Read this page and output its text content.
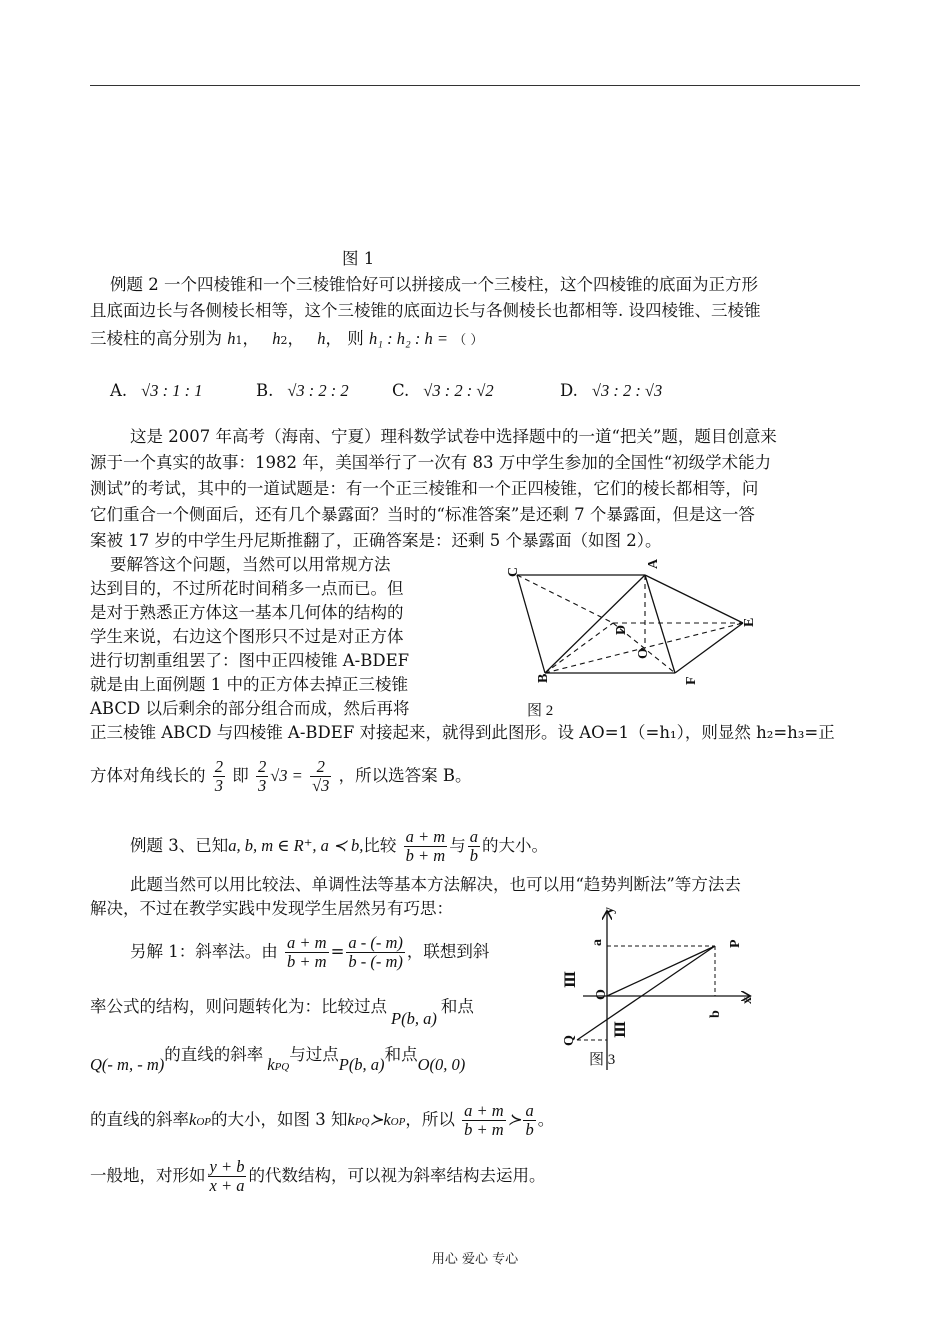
图 1
例题 2 一个四棱锥和一个三棱锥恰好可以拼接成一个三棱柱，这个四棱锥的底面为正方形
且底面边长与各侧棱长相等，这个三棱锥的底面边长与各侧棱长也都相等. 设四棱锥、三棱锥
三棱柱的高分别为 h1， h2， h， 则 h₁ : h₂ : h = （ ）
A. √3 : 1 : 1	B. √3 : 2 : 2	C. √3 : 2 : √2	D. √3 : 2 : √3
这是 2007 年高考（海南、宁夏）理科数学试卷中选择题中的一道“把关”题，题目创意来
源于一个真实的故事：1982 年，美国举行了一次有 83 万中学生参加的全国性“初级学术能力
测试”的考试，其中的一道试题是：有一个正三棱锥和一个正四棱锥，它们的棱长都相等，问
它们重合一个侧面后，还有几个暴露面？当时的“标准答案”是还剩 7 个暴露面，但是这一答
案被 17 岁的中学生丹尼斯推翻了，正确答案是：还剩 5 个暴露面（如图 2）。
要解答这个问题，当然可以用常规方法
达到目的，不过所花时间稍多一点而已。但
是对于熟悉正方体这一基本几何体的结构的
学生来说，右边这个图形只不过是对正方体
进行切割重组罢了：图中正四棱锥 A-BDEF
就是由上面例题 1 中的正方体去掉正三棱锥
ABCD 以后剩余的部分组合而成，然后再将
正三棱锥 ABCD 与四棱锥 A-BDEF 对接起来，就得到此图形。设 AO=1（=h₁），则显然 h₂=h₃=正
方体对角线长的 $\frac{2}{3}$ 即 $\frac{2}{3} √3 = \frac{2}{√3}$ ，所以选答案 B。
C
A
E
D
O
B	F
图 2
例题 3、已知a, b, m ∈ R⁺, a ≺ b,比较 $\frac{a + m}{b + m}$ 与 $\frac{a}{b}$ 的大小。
此题当然可以用比较法、单调性法等基本方法解决，也可以用“趋势判断法”等方法去
解决，不过在教学实践中发现学生居然另有巧思：
另解 1：斜率法。由 $\frac{a + m}{b + m} = \frac{a - (- m)}{b - (- m)}$ ，联想到斜
率公式的结构，则问题转化为：比较过点P(b, a)和点
Q(- m, - m)的直线的斜率kPQ与过点P(b, a)和点O(0, 0)
的直线的斜率kOP的大小，如图 3 知kPQ≻kOP，所以 $\frac{a + m}{b + m}$ ≻ $\frac{a}{b}$ 。
y
a	P
O
x
b
Q
Ⅲ
Ⅲ
图 3
一般地，对形如 $\frac{y + b}{x + a}$ 的代数结构，可以视为斜率结构去运用。
用心 爱心 专心
